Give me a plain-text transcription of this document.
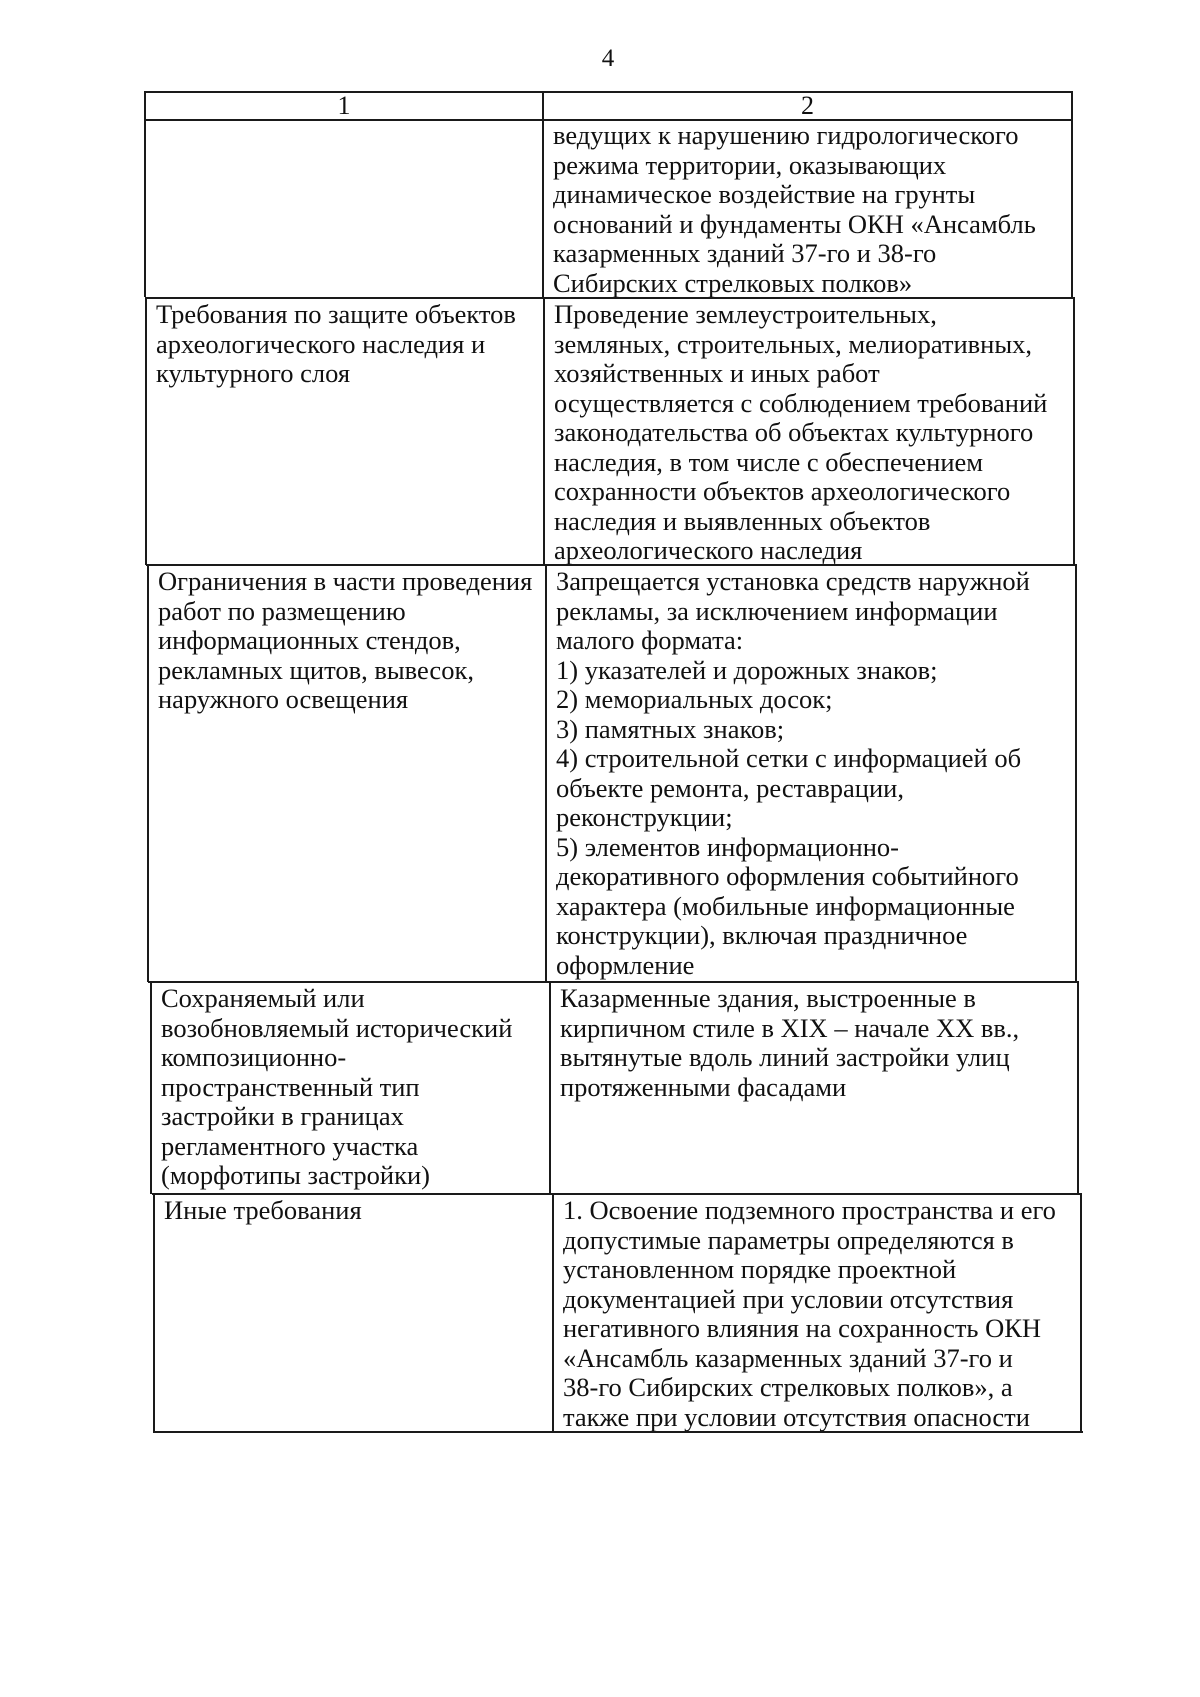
4
1	2
ведущих к нарушению гидрологического
режима территории, оказывающих
динамическое воздействие на грунты
оснований и фундаменты ОКН «Ансамбль
казарменных зданий 37-го и 38-го
Сибирских стрелковых полков»
Требования по защите объектов
археологического наследия и
культурного слоя
Проведение землеустроительных,
земляных, строительных, мелиоративных,
хозяйственных и иных работ
осуществляется с соблюдением требований
законодательства об объектах культурного
наследия, в том числе с обеспечением
сохранности объектов археологического
наследия и выявленных объектов
археологического наследия
Ограничения в части проведения
работ по размещению
информационных стендов,
рекламных щитов, вывесок,
наружного освещения
Запрещается установка средств наружной
рекламы, за исключением информации
малого формата:
1) указателей и дорожных знаков;
2) мемориальных досок;
3) памятных знаков;
4) строительной сетки с информацией об
объекте ремонта, реставрации,
реконструкции;
5) элементов информационно-
декоративного оформления событийного
характера (мобильные информационные
конструкции), включая праздничное
оформление
Сохраняемый или
возобновляемый исторический
композиционно-
пространственный тип
застройки в границах
регламентного участка
(морфотипы застройки)
Казарменные здания, выстроенные в
кирпичном стиле в XIX – начале XX вв.,
вытянутые вдоль линий застройки улиц
протяженными фасадами
Иные требования	1. Освоение подземного пространства и его
допустимые параметры определяются в
установленном порядке проектной
документацией при условии отсутствия
негативного влияния на сохранность ОКН
«Ансамбль казарменных зданий 37-го и
38-го Сибирских стрелковых полков», а
также при условии отсутствия опасности
